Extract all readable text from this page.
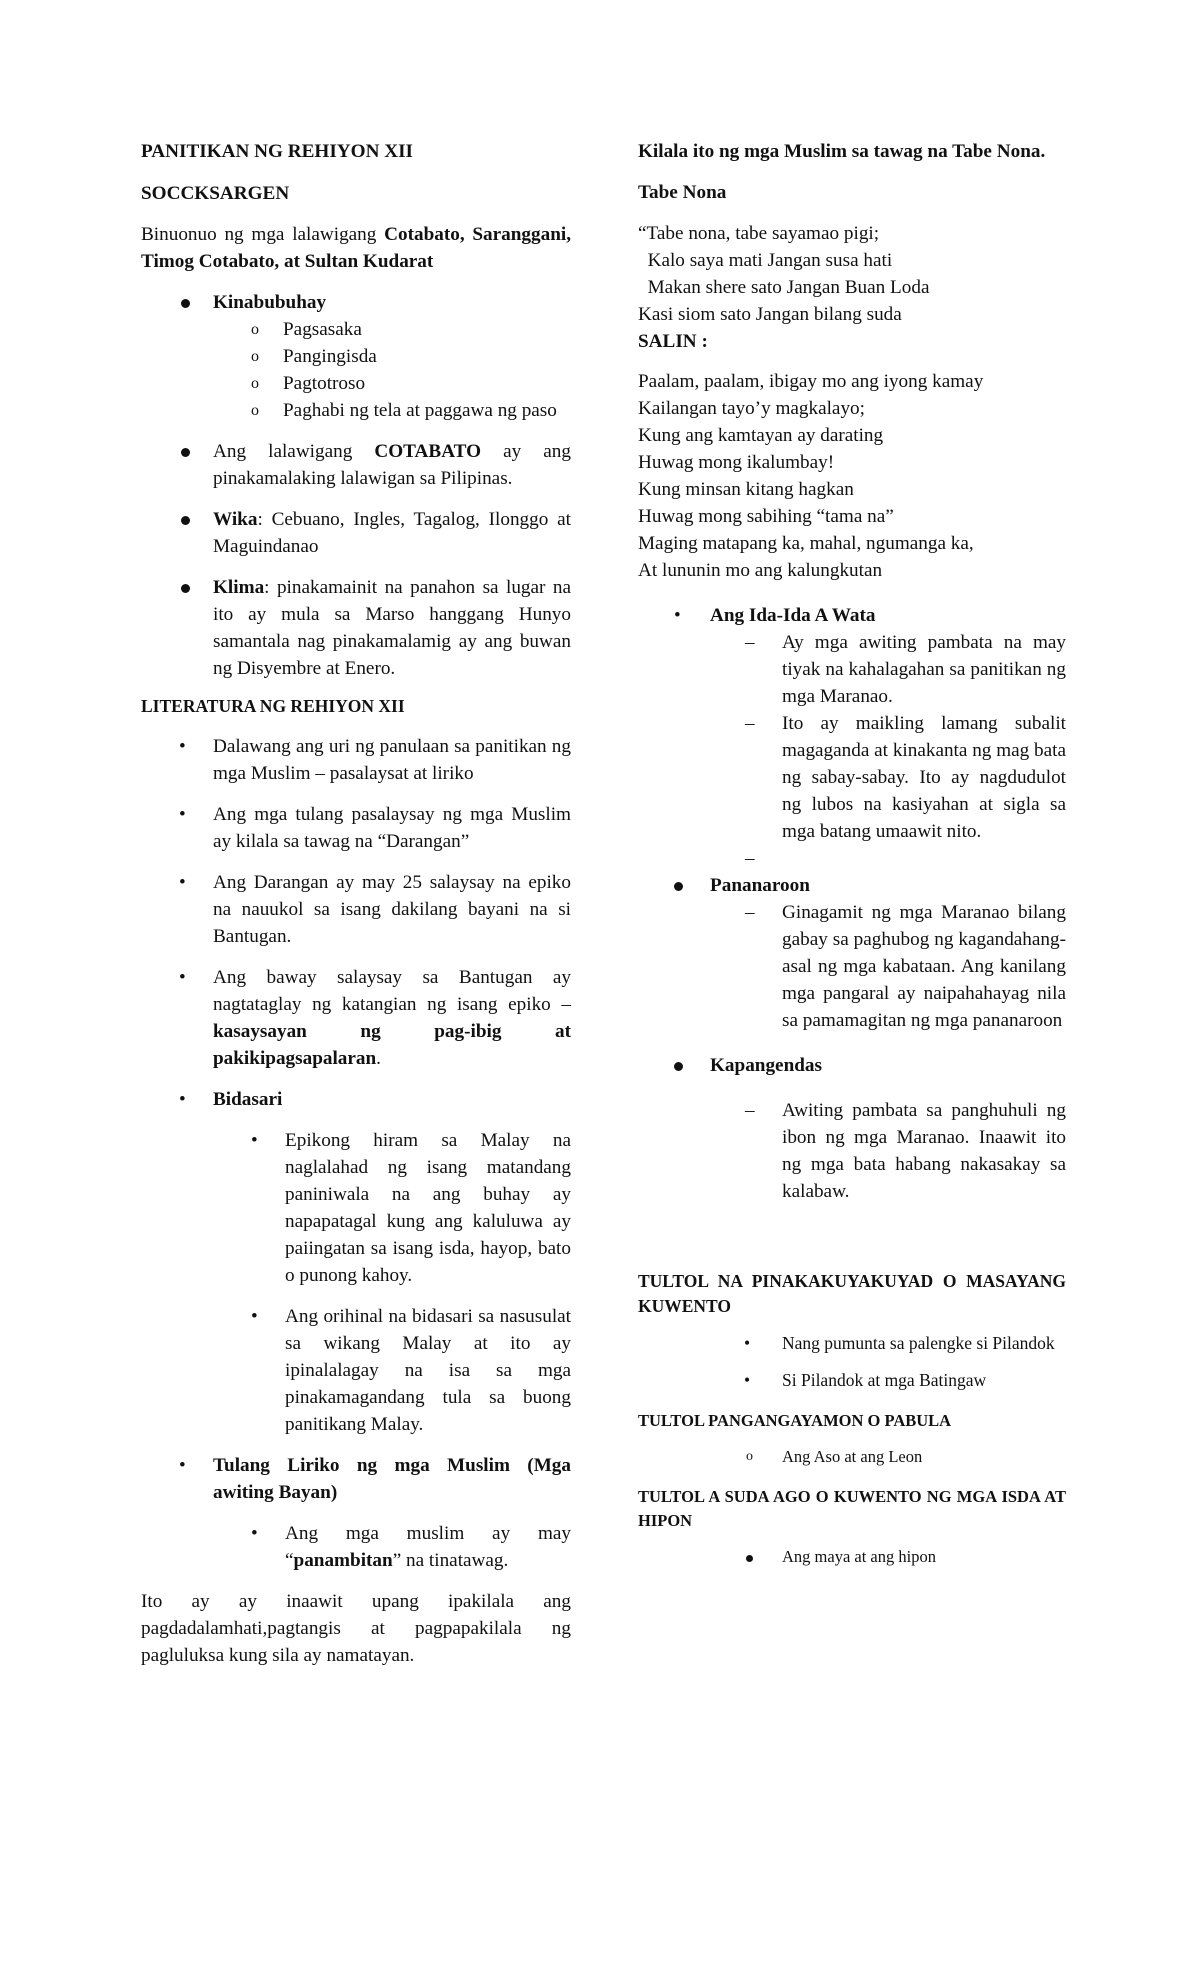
PANITIKAN NG REHIYON XII
SOCCKSARGEN

Binuonuo ng mga lalawigang Cotabato, Saranggani, Timog Cotabato, at Sultan Kudarat

Kinabubuhay
o	Pagsasaka
o	Pangingisda
o	Pagtotroso
o	Paghabi ng tela at paggawa ng paso
Ang lalawigang COTABATO ay ang pinakamalaking lalawigan sa Pilipinas.
Wika: Cebuano, Ingles, Tagalog, Ilonggo at Maguindanao
Klima: pinakamainit na panahon sa lugar na ito ay mula sa Marso hanggang Hunyo samantala nag pinakamalamig ay ang buwan ng Disyembre at Enero.
LITERATURA NG REHIYON XII
•	Dalawang ang uri ng panulaan sa panitikan ng mga Muslim – pasalaysat at liriko
•	Ang mga tulang pasalaysay ng mga Muslim ay kilala sa tawag na “Darangan”
•	Ang Darangan ay may 25 salaysay na epiko na nauukol sa isang dakilang bayani na si Bantugan.
•	Ang baway salaysay sa Bantugan ay nagtataglay ng katangian ng isang epiko – kasaysayan ng pag-ibig at pakikipagsapalaran.
•	Bidasari
•	Epikong hiram sa Malay na naglalahad ng isang matandang paniniwala na ang buhay ay napapatagal kung ang kaluluwa ay paiingatan sa isang isda, hayop, bato o punong kahoy.
•	Ang orihinal na bidasari sa nasusulat sa wikang Malay at ito ay ipinalalagay na isa sa mga pinakamagandang tula sa buong panitikang Malay.
•	Tulang Liriko ng mga Muslim (Mga awiting Bayan)
•	Ang mga muslim ay may “panambitan” na tinatawag.

Ito ay ay inaawit upang ipakilala ang pagdadalamhati,pagtangis at pagpapakilala ng pagluluksa kung sila ay namatayan.

Kilala ito ng mga Muslim sa tawag na Tabe Nona.
Tabe Nona
“Tabe nona, tabe sayamao pigi;
Kalo saya mati Jangan susa hati
Makan shere sato Jangan Buan Loda
Kasi siom sato Jangan bilang suda
SALIN :
Paalam, paalam, ibigay mo ang iyong kamay
Kailangan tayo’y magkalayo;
Kung ang kamtayan ay darating
Huwag mong ikalumbay!
Kung minsan kitang hagkan
Huwag mong sabihing “tama na”
Maging matapang ka, mahal, ngumanga ka,
At lununin mo ang kalungkutan
•	Ang Ida-Ida A Wata
–	Ay mga awiting pambata na may tiyak na kahalagahan sa panitikan ng mga Maranao.
–	Ito ay maikling lamang subalit magaganda at kinakanta ng mag bata ng sabay-sabay. Ito ay nagdudulot ng lubos na kasiyahan at sigla sa mga batang umaawit nito.
–
Pananaroon
–	Ginagamit ng mga Maranao bilang gabay sa paghubog ng kagandahang-asal ng mga kabataan. Ang kanilang mga pangaral ay naipahahayag nila sa pamamagitan ng mga pananaroon
Kapangendas
–	Awiting pambata sa panghuhuli ng ibon ng mga Maranao. Inaawit ito ng mga bata habang nakasakay sa kalabaw.
TULTOL NA PINAKAKUYAKUYAD O MASAYANG KUWENTO
•	Nang pumunta sa palengke si Pilandok
•	Si Pilandok at mga Batingaw
TULTOL PANGANGAYAMON O PABULA
o	Ang Aso at ang Leon
TULTOL A SUDA AGO O KUWENTO NG MGA ISDA AT HIPON
Ang maya at ang hipon
